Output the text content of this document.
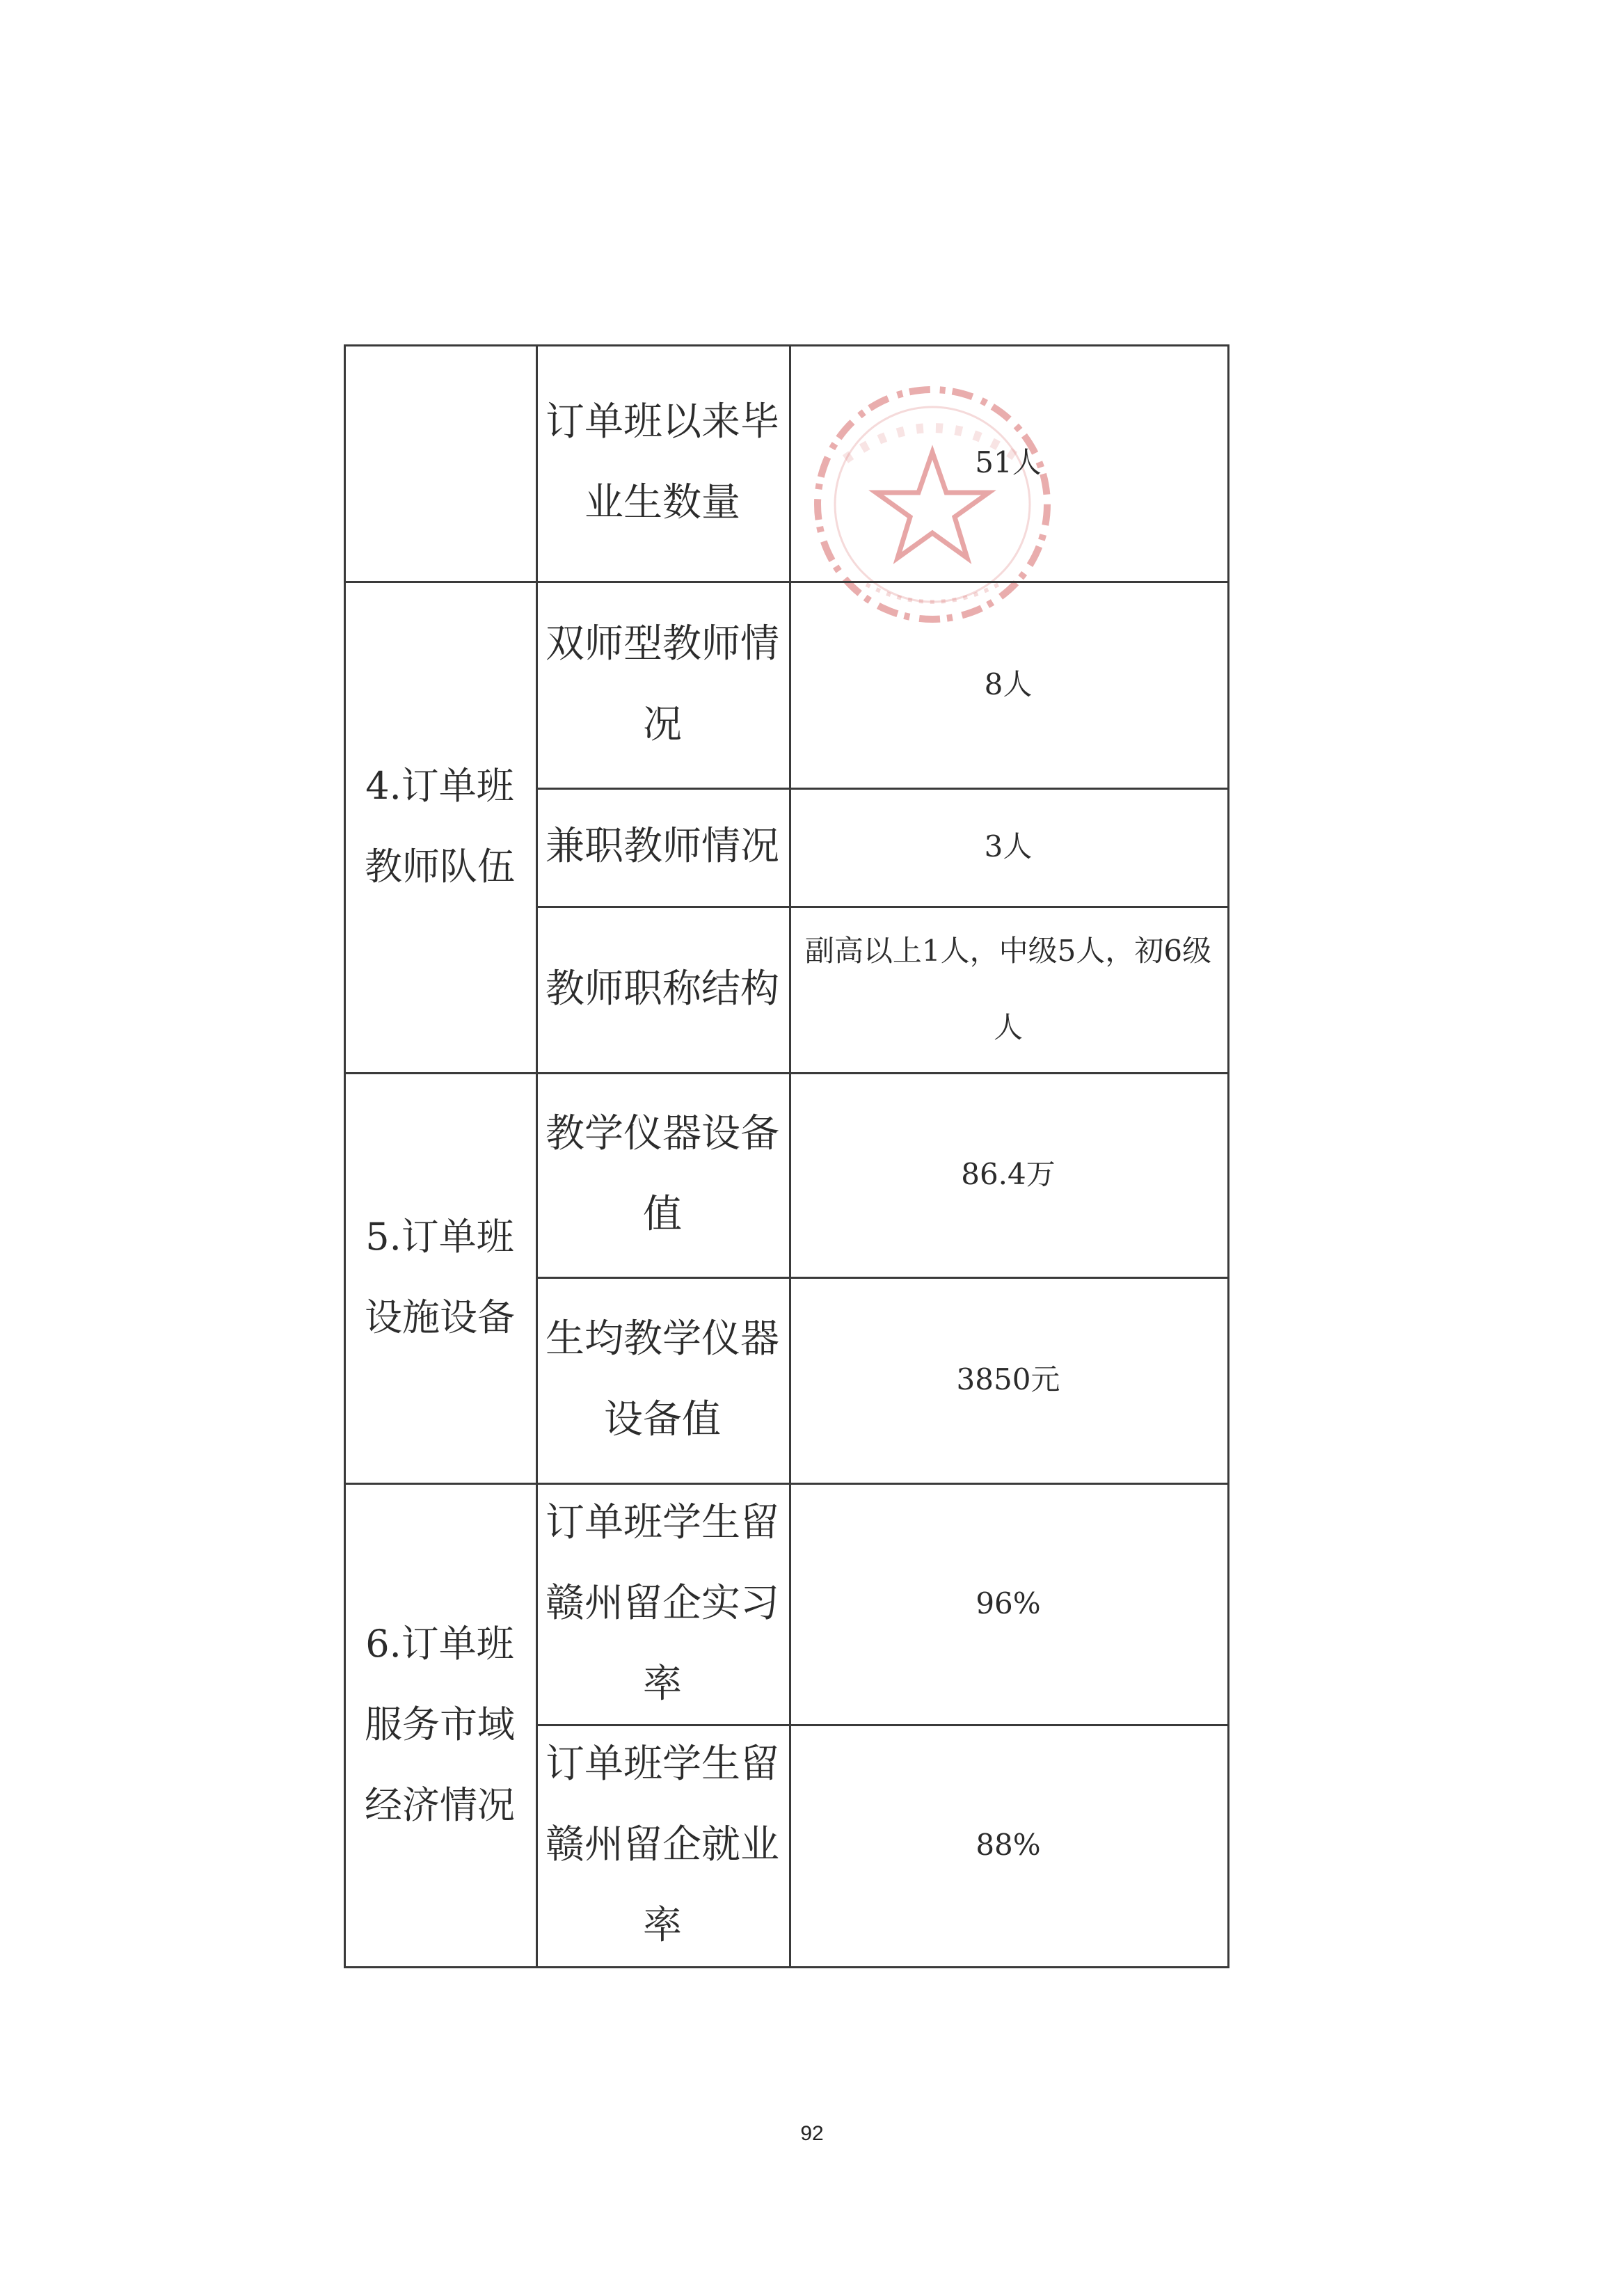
订单班以来毕业生数量
51人
4.订单班教师队伍
双师型教师情况
8人
兼职教师情况	3人
教师职称结构
副高以上1人，中级5人，初6级人
5.订单班设施设备
教学仪器设备值
86.4万
生均教学仪器设备值
3850元
6.订单班服务市域经济情况
订单班学生留赣州留企实习率
96%
订单班学生留赣州留企就业率
88%
92
